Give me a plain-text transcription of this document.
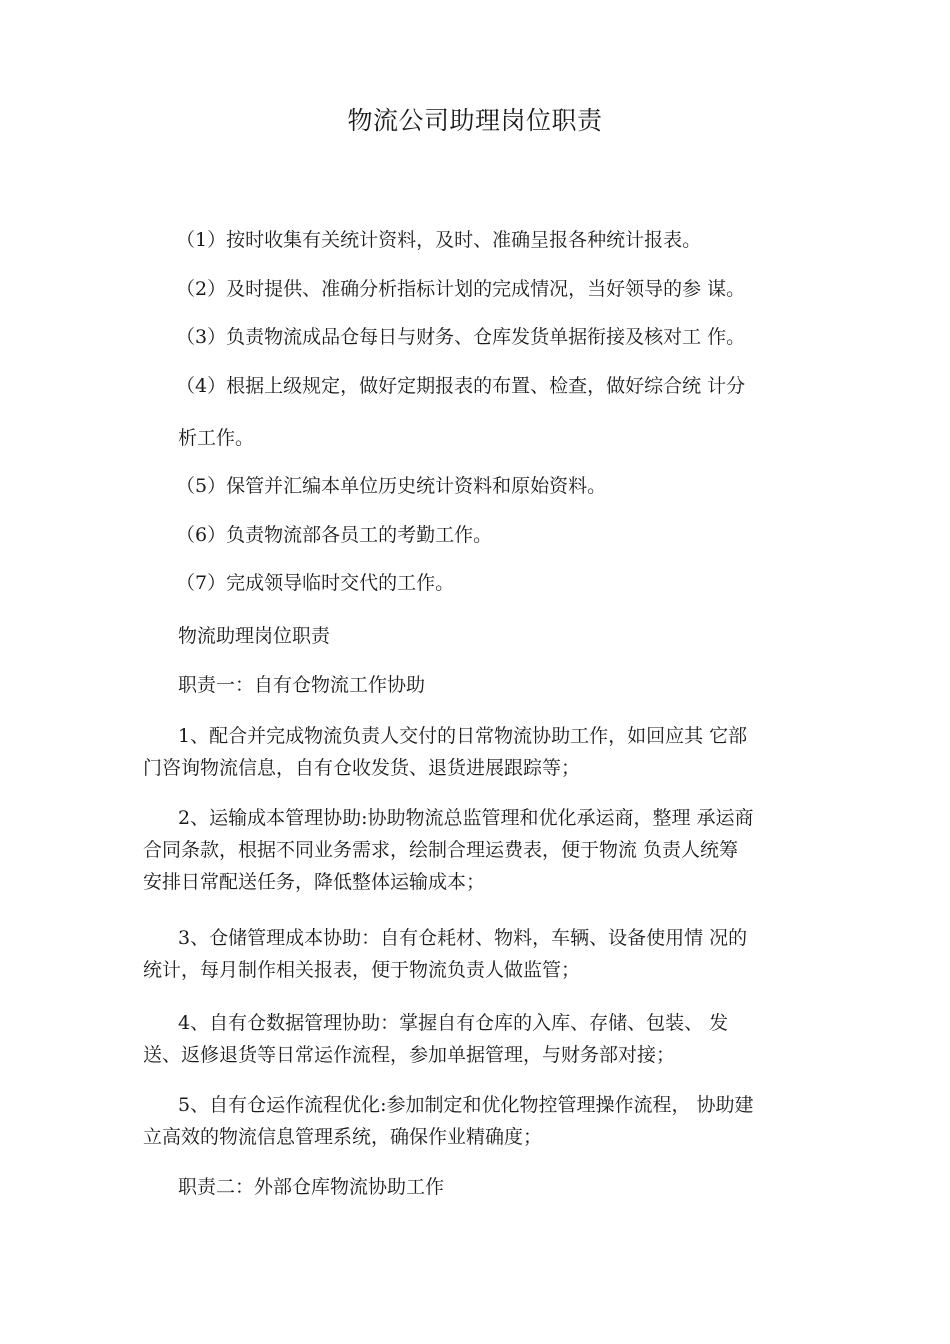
物流公司助理岗位职责
（1）按时收集有关统计资料，及时、准确呈报各种统计报表。
（2）及时提供、准确分析指标计划的完成情况，当好领导的参 谋。
（3）负责物流成品仓每日与财务、仓库发货单据衔接及核对工 作。
（4）根据上级规定，做好定期报表的布置、检查，做好综合统 计分
析工作。
（5）保管并汇编本单位历史统计资料和原始资料。
（6）负责物流部各员工的考勤工作。
（7）完成领导临时交代的工作。
物流助理岗位职责
职责一：自有仓物流工作协助
1、配合并完成物流负责人交付的日常物流协助工作，如回应其 它部
门咨询物流信息，自有仓收发货、退货进展跟踪等；
2、运输成本管理协助:协助物流总监管理和优化承运商，整理 承运商
合同条款，根据不同业务需求，绘制合理运费表，便于物流 负责人统筹
安排日常配送任务，降低整体运输成本；
3、仓储管理成本协助：自有仓耗材、物料，车辆、设备使用情 况的
统计，每月制作相关报表，便于物流负责人做监管；
4、自有仓数据管理协助：掌握自有仓库的入库、存储、包装、 发
送、返修退货等日常运作流程，参加单据管理，与财务部对接；
5、自有仓运作流程优化:参加制定和优化物控管理操作流程， 协助建
立高效的物流信息管理系统，确保作业精确度；
职责二：外部仓库物流协助工作
